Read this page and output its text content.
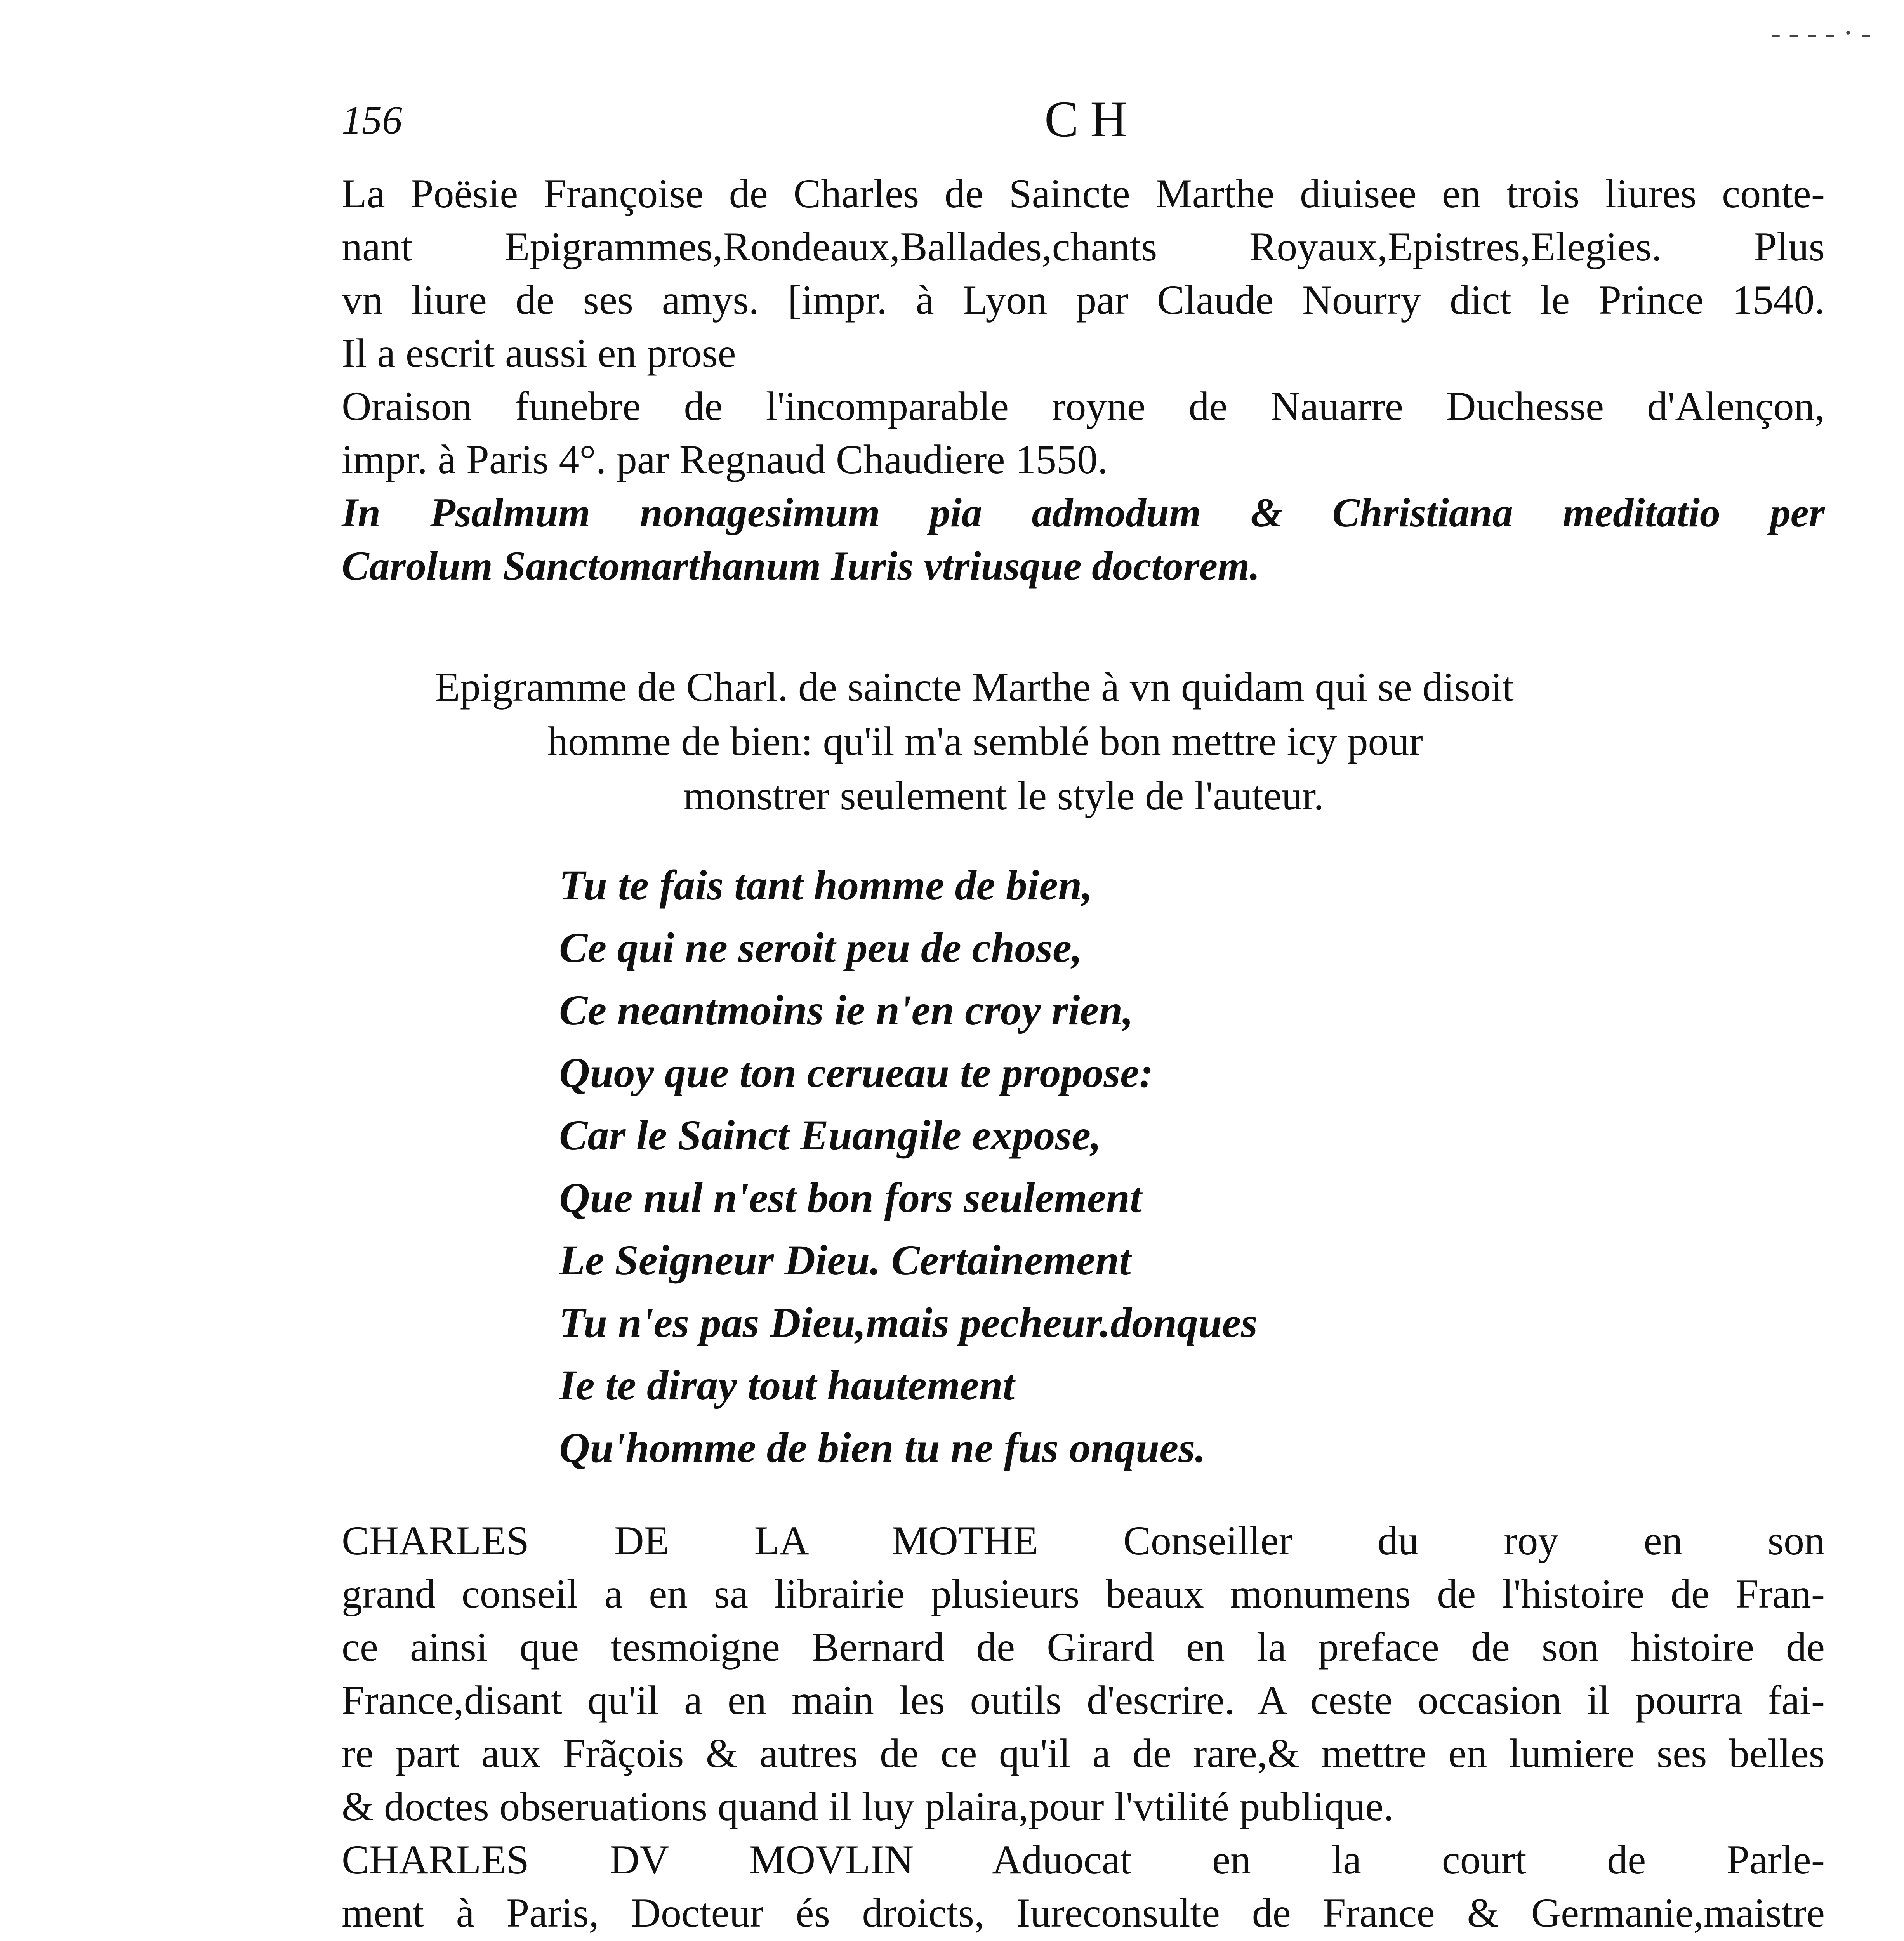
- - - - · -
156	CH
La Poësie Françoise de Charles de Saincte Marthe diuisee en trois liures conte-
nant Epigrammes,Rondeaux,Ballades,chants Royaux,Epistres,Elegies. Plus
vn liure de ses amys. [impr. à Lyon par Claude Nourry dict le Prince 1540.
Il a escrit aussi en prose
Oraison funebre de l'incomparable royne de Nauarre Duchesse d'Alençon,
impr. à Paris 4°. par Regnaud Chaudiere 1550.
In Psalmum nonagesimum pia admodum & Christiana meditatio per
Carolum Sanctomarthanum Iuris vtriusque doctorem.
Epigramme de Charl. de saincte Marthe à vn quidam qui se disoit
homme de bien: qu'il m'a semblé bon mettre icy pour
monstrer seulement le style de l'auteur.
Tu te fais tant homme de bien,
Ce qui ne seroit peu de chose,
Ce neantmoins ie n'en croy rien,
Quoy que ton cerueau te propose:
Car le Sainct Euangile expose,
Que nul n'est bon fors seulement
Le Seigneur Dieu. Certainement
Tu n'es pas Dieu,mais pecheur.donques
Ie te diray tout hautement
Qu'homme de bien tu ne fus onques.
CHARLES DE LA MOTHE Conseiller du roy en son
grand conseil a en sa librairie plusieurs beaux monumens de l'histoire de Fran-
ce ainsi que tesmoigne Bernard de Girard en la preface de son histoire de
France,disant qu'il a en main les outils d'escrire. A ceste occasion il pourra fai-
re part aux Frãçois & autres de ce qu'il a de rare,& mettre en lumiere ses belles
& doctes obseruations quand il luy plaira,pour l'vtilité publique.
CHARLES DV MOVLIN Aduocat en la court de Parle-
ment à Paris, Docteur és droicts, Iureconsulte de France & Germanie,maistre
